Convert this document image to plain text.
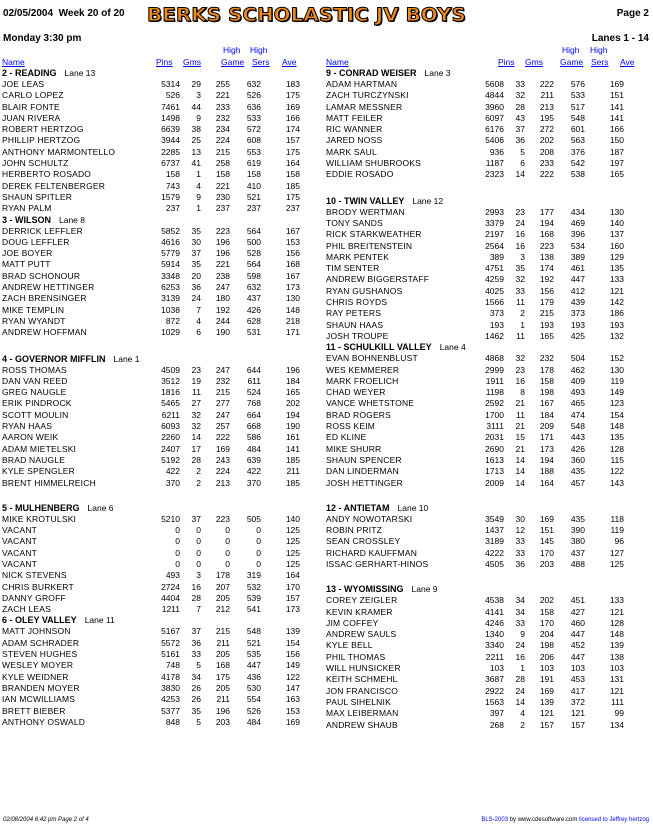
02/05/2004 Week 20 of 20 BERKS SCHOLASTIC JV BOYS	Page 2
Monday 3:30 pm	Lanes 1 - 14
Name	Pins Gms
High
Game
High
Sers Ave
2 - READING Lane 13
JOE LEAS	5314 29 255 632	183
CARLO LOPEZ	526 3 221 526	175
BLAIR FONTE	7461 44 233 636	169
JUAN RIVERA	1498 9 232 533	166
ROBERT HERTZOG	6639 38 234 572	174
PHILLIP HERTZOG	3944 25 224 608	157
ANTHONY MARMONTELLO	2285 13 215 553	175
JOHN SCHULTZ	6737 41 258 619	164
HERBERTO ROSADO	158 1 158 158	158
DEREK FELTENBERGER	743 4 221 410	185
SHAUN SPITLER	1579 9 230 521	175
RYAN PALM	237 1 237 237	237
3 - WILSON Lane 8
DERRICK LEFFLER	5852 35 223 564	167
DOUG LEFFLER	4616 30 196 500	153
JOE BOYER	5779 37 196 528	156
MATT PUTT	5914 35 221 564	168
BRAD SCHONOUR	3348 20 238 598	167
ANDREW HETTINGER	6253 36 247 632	173
ZACH BRENSINGER	3139 24 180 437	130
MIKE TEMPLIN	1038 7 192 426	148
RYAN WYANDT	872 4 244 628	218
ANDREW HOFFMAN	1029 6 190 531	171
4 - GOVERNOR MIFFLIN Lane 1
ROSS THOMAS	4509 23 247 644	196
DAN VAN REED	3512 19 232 611	184
GREG NAUGLE	1816 11 215 524	165
ERIK PINDROCK	5465 27 277 768	202
SCOTT MOULIN	6211 32 247 664	194
RYAN HAAS	6093 32 257 668	190
AARON WEIK	2260 14 222 586	161
ADAM MIETELSKI	2407 17 169 484	141
BRAD NAUGLE	5192 28 243 639	185
KYLE SPENGLER	422 2 224 422	211
BRENT HIMMELREICH	370 2 213 370	185
5 - MULHENBERG Lane 6
MIKE KROTULSKI	5210 37 223 505	140
VACANT	0 0	0	0	125
VACANT	0 0	0	0	125
VACANT	0 0	0	0	125
VACANT	0 0	0	0	125
NICK STEVENS	493 3 178 319	164
CHRIS BURKERT	2724 16 207 532	170
DANNY GROFF	4404 28 205 539	157
ZACH LEAS	1211 7 212 541	173
6 - OLEY VALLEY Lane 11
MATT JOHNSON	5167 37 215 548	139
ADAM SCHRADER	5572 36 211 521	154
STEVEN HUGHES	5161 33 205 535	156
WESLEY MOYER	748 5 168 447	149
KYLE WEIDNER	4178 34 175 436	122
BRANDEN MOYER	3830 26 205 530	147
IAN MCWILLIAMS	4253 26 211 554	163
BRETT BIEBER	5377 35 196 526	153
ANTHONY OSWALD	848 5 203 484	169
Name	Pins Gms
High
Game
High
Sers Ave
9 - CONRAD WEISER Lane 3
ADAM HARTMAN	5608 33 222 576	169
ZACH TURCZYNSKI	4844 32 211 533	151
LAMAR MESSNER	3960 28 213 517	141
MATT FEILER	6097 43 195 548	141
RIC WANNER	6176 37 272 601	166
JARED NOSS	5406 36 202 563	150
MARK SAUL	936 5 208 376	187
WILLIAM SHUBROOKS	1187 6 233 542	197
EDDIE ROSADO	2323 14 222 538	165
10 - TWIN VALLEY Lane 12
BRODY WERTMAN	2993 23 177 434	130
TONY SANDS	3379 24 194 469	140
RICK STARKWEATHER	2197 16 168 396	137
PHIL BREITENSTEIN	2564 16 223 534	160
MARK PENTEK	389 3 138 389	129
TIM SENTER	4751 35 174 461	135
ANDREW BIGGERSTAFF	4259 32 192 447	133
RYAN GUSHANOS	4025 33 156 412	121
CHRIS ROYDS	1566 11 179 439	142
RAY PETERS	373 2 215 373	186
SHAUN HAAS	193 1 193 193	193
JOSH TROUPE	1462 11 165 425	132
11 - SCHULKILL VALLEY Lane 4
EVAN BOHNENBLUST	4868 32 232 504	152
WES KEMMERER	2999 23 178 462	130
MARK FROELICH	1911 16 158 409	119
CHAD WEYER	1198 8 198 493	149
VANCE WHETSTONE	2592 21 167 465	123
BRAD ROGERS	1700 11 184 474	154
ROSS KEIM	3111 21 209 548	148
ED KLINE	2031 15 171 443	135
MIKE SHURR	2690 21 173 426	128
SHAUN SPENCER	1613 14 194 360	115
DAN LINDERMAN	1713 14 188 435	122
JOSH HETTINGER	2009 14 164 457	143
12 - ANTIETAM Lane 10
ANDY NOWOTARSKI	3549 30 169 435	118
ROBIN PRITZ	1437 12 151 390	119
SEAN CROSSLEY	3189 33 145 380	96
RICHARD KAUFFMAN	4222 33 170 437	127
ISSAC GERHART-HINOS	4505 36 203 488	125
13 - WYOMISSING Lane 9
COREY ZEIGLER	4538 34 202 451	133
KEVIN KRAMER	4141 34 158 427	121
JIM COFFEY	4246 33 170 460	128
ANDREW SAULS	1340 9 204 447	148
KYLE BELL	3340 24 198 452	139
PHIL THOMAS	2211 16 206 447	138
WILL HUNSICKER	103 1 103 103	103
KEITH SCHMEHL	3687 28 191 453	131
JON FRANCISCO	2922 24 169 417	121
PAUL SIHELNIK	1563 14 139 372	111
MAX LEIBERMAN	397 4 121 121	99
ANDREW SHAUB	268 2 157 157	134
02/08/2004 6:42 pm Page 2 of 4	BLS-2003 by www.cdesoftware.com licensed to Jeffrey hertzog
